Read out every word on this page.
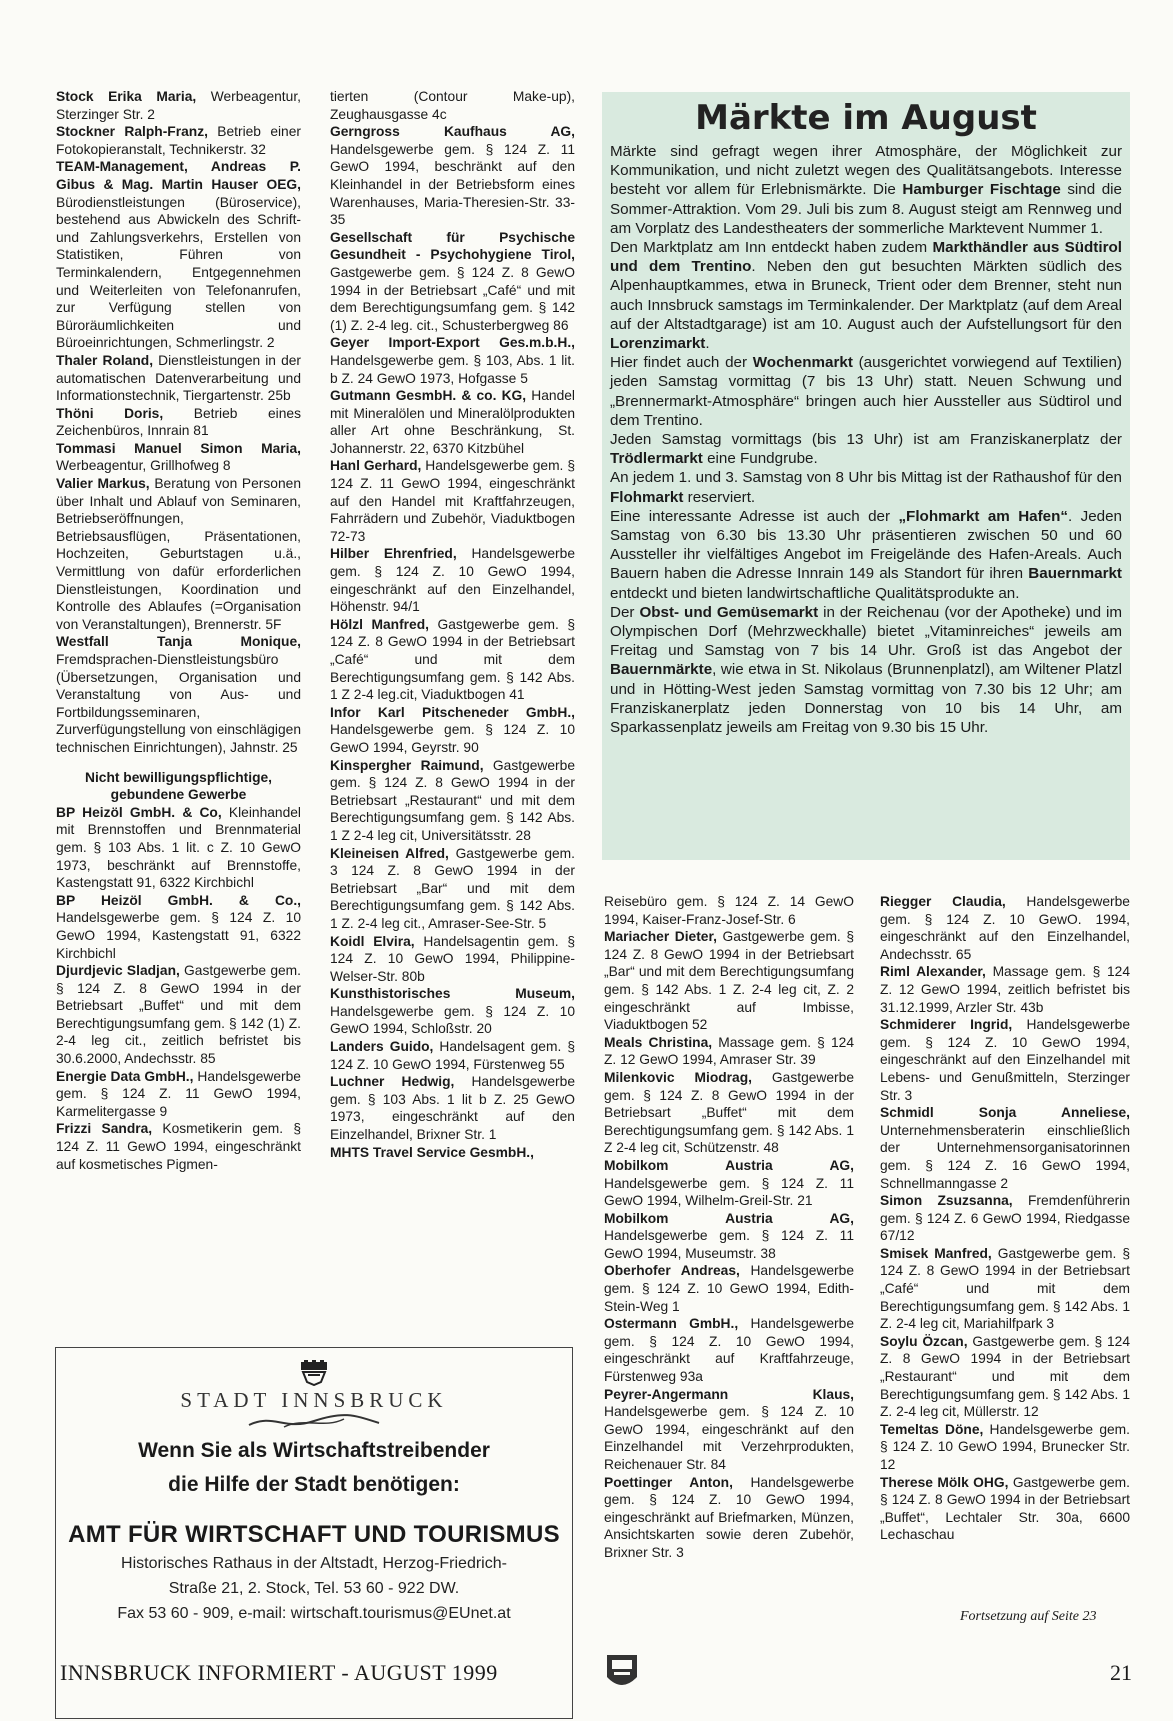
Stock Erika Maria, Werbeagentur, Sterzinger Str. 2

Stockner Ralph-Franz, Betrieb einer Fotokopieranstalt, Technikerstr. 32

TEAM-Management, Andreas P. Gibus & Mag. Martin Hauser OEG, Bürodienstleistungen (Büroservice), bestehend aus Abwickeln des Schrift- und Zahlungsverkehrs, Erstellen von Statistiken, Führen von Terminkalendern, Entgegennehmen und Weiterleiten von Telefonanrufen, zur Verfügung stellen von Büroräumlichkeiten und Büroeinrichtungen, Schmerlingstr. 2

Thaler Roland, Dienstleistungen in der automatischen Datenverarbeitung und Informationstechnik, Tiergartenstr. 25b

Thöni Doris, Betrieb eines Zeichenbüros, Innrain 81

Tommasi Manuel Simon Maria, Werbeagentur, Grillhofweg 8

Valier Markus, Beratung von Personen über Inhalt und Ablauf von Seminaren, Betriebseröffnungen, Betriebsausflügen, Präsentationen, Hochzeiten, Geburtstagen u.ä., Vermittlung von dafür erforderlichen Dienstleistungen, Koordination und Kontrolle des Ablaufes (=Organisation von Veranstaltungen), Brennerstr. 5F

Westfall Tanja Monique, Fremdsprachen-Dienstleistungsbüro (Übersetzungen, Organisation und Veranstaltung von Aus- und Fortbildungsseminaren, Zurverfügungstellung von einschlägigen technischen Einrichtungen), Jahnstr. 25

Nicht bewilligungspflichtige, gebundene Gewerbe

BP Heizöl GmbH. & Co, Kleinhandel mit Brennstoffen und Brennmaterial gem. § 103 Abs. 1 lit. c Z. 10 GewO 1973, beschränkt auf Brennstoffe, Kastengstatt 91, 6322 Kirchbichl

BP Heizöl GmbH. & Co., Handelsgewerbe gem. § 124 Z. 10 GewO 1994, Kastengstatt 91, 6322 Kirchbichl

Djurdjevic Sladjan, Gastgewerbe gem. § 124 Z. 8 GewO 1994 in der Betriebsart „Buffet“ und mit dem Berechtigungsumfang gem. § 142 (1) Z. 2-4 leg cit., zeitlich befristet bis 30.6.2000, Andechsstr. 85

Energie Data GmbH., Handelsgewerbe gem. § 124 Z. 11 GewO 1994, Karmelitergasse 9

Frizzi Sandra, Kosmetikerin gem. § 124 Z. 11 GewO 1994, eingeschränkt auf kosmetisches Pigmen-

tierten (Contour Make-up), Zeughausgasse 4c

Gerngross Kaufhaus AG, Handelsgewerbe gem. § 124 Z. 11 GewO 1994, beschränkt auf den Kleinhandel in der Betriebsform eines Warenhauses, Maria-Theresien-Str. 33-35

Gesellschaft für Psychische Gesundheit - Psychohygiene Tirol, Gastgewerbe gem. § 124 Z. 8 GewO 1994 in der Betriebsart „Café“ und mit dem Berechtigungsumfang gem. § 142 (1) Z. 2-4 leg. cit., Schusterbergweg 86

Geyer Import-Export Ges.m.b.H., Handelsgewerbe gem. § 103, Abs. 1 lit. b Z. 24 GewO 1973, Hofgasse 5

Gutmann GesmbH. & co. KG, Handel mit Mineralölen und Mineralölprodukten aller Art ohne Beschränkung, St. Johannerstr. 22, 6370 Kitzbühel

Hanl Gerhard, Handelsgewerbe gem. § 124 Z. 11 GewO 1994, eingeschränkt auf den Handel mit Kraftfahrzeugen, Fahrrädern und Zubehör, Viaduktbogen 72-73

Hilber Ehrenfried, Handelsgewerbe gem. § 124 Z. 10 GewO 1994, eingeschränkt auf den Einzelhandel, Höhenstr. 94/1

Hölzl Manfred, Gastgewerbe gem. § 124 Z. 8 GewO 1994 in der Betriebsart „Café“ und mit dem Berechtigungsumfang gem. § 142 Abs. 1 Z 2-4 leg.cit, Viaduktbogen 41

Infor Karl Pitscheneder GmbH., Handelsgewerbe gem. § 124 Z. 10 GewO 1994, Geyrstr. 90

Kinspergher Raimund, Gastgewerbe gem. § 124 Z. 8 GewO 1994 in der Betriebsart „Restaurant“ und mit dem Berechtigungsumfang gem. § 142 Abs. 1 Z 2-4 leg cit, Universitätsstr. 28

Kleineisen Alfred, Gastgewerbe gem. 3 124 Z. 8 GewO 1994 in der Betriebsart „Bar“ und mit dem Berechtigungsumfang gem. § 142 Abs. 1 Z. 2-4 leg cit., Amraser-See-Str. 5

Koidl Elvira, Handelsagentin gem. § 124 Z. 10 GewO 1994, Philippine-Welser-Str. 80b

Kunsthistorisches Museum, Handelsgewerbe gem. § 124 Z. 10 GewO 1994, Schloßstr. 20

Landers Guido, Handelsagent gem. § 124 Z. 10 GewO 1994, Fürstenweg 55

Luchner Hedwig, Handelsgewerbe gem. § 103 Abs. 1 lit b Z. 25 GewO 1973, eingeschränkt auf den Einzelhandel, Brixner Str. 1

MHTS Travel Service GesmbH.,

Reisebüro gem. § 124 Z. 14 GewO 1994, Kaiser-Franz-Josef-Str. 6

Mariacher Dieter, Gastgewerbe gem. § 124 Z. 8 GewO 1994 in der Betriebsart „Bar“ und mit dem Berechtigungsumfang gem. § 142 Abs. 1 Z. 2-4 leg cit, Z. 2 eingeschränkt auf Imbisse, Viaduktbogen 52

Meals Christina, Massage gem. § 124 Z. 12 GewO 1994, Amraser Str. 39

Milenkovic Miodrag, Gastgewerbe gem. § 124 Z. 8 GewO 1994 in der Betriebsart „Buffet“ mit dem Berechtigungsumfang gem. § 142 Abs. 1 Z 2-4 leg cit, Schützenstr. 48

Mobilkom Austria AG, Handelsgewerbe gem. § 124 Z. 11 GewO 1994, Wilhelm-Greil-Str. 21

Mobilkom Austria AG, Handelsgewerbe gem. § 124 Z. 11 GewO 1994, Museumstr. 38

Oberhofer Andreas, Handelsgewerbe gem. § 124 Z. 10 GewO 1994, Edith-Stein-Weg 1

Ostermann GmbH., Handelsgewerbe gem. § 124 Z. 10 GewO 1994, eingeschränkt auf Kraftfahrzeuge, Fürstenweg 93a

Peyrer-Angermann Klaus, Handelsgewerbe gem. § 124 Z. 10 GewO 1994, eingeschränkt auf den Einzelhandel mit Verzehrprodukten, Reichenauer Str. 84

Poettinger Anton, Handelsgewerbe gem. § 124 Z. 10 GewO 1994, eingeschränkt auf Briefmarken, Münzen, Ansichtskarten sowie deren Zubehör, Brixner Str. 3

Riegger Claudia, Handelsgewerbe gem. § 124 Z. 10 GewO. 1994, eingeschränkt auf den Einzelhandel, Andechsstr. 65

Riml Alexander, Massage gem. § 124 Z. 12 GewO 1994, zeitlich befristet bis 31.12.1999, Arzler Str. 43b

Schmiderer Ingrid, Handelsgewerbe gem. § 124 Z. 10 GewO 1994, eingeschränkt auf den Einzelhandel mit Lebens- und Genußmitteln, Sterzinger Str. 3

Schmidl Sonja Anneliese, Unternehmensberaterin einschließlich der Unternehmensorganisatorinnen gem. § 124 Z. 16 GewO 1994, Schnellmanngasse 2

Simon Zsuzsanna, Fremdenführerin gem. § 124 Z. 6 GewO 1994, Riedgasse 67/12

Smisek Manfred, Gastgewerbe gem. § 124 Z. 8 GewO 1994 in der Betriebsart „Café“ und mit dem Berechtigungsumfang gem. § 142 Abs. 1 Z. 2-4 leg cit, Mariahilfpark 3

Soylu Özcan, Gastgewerbe gem. § 124 Z. 8 GewO 1994 in der Betriebsart „Restaurant“ und mit dem Berechtigungsumfang gem. § 142 Abs. 1 Z. 2-4 leg cit, Müllerstr. 12

Temeltas Döne, Handelsgewerbe gem. § 124 Z. 10 GewO 1994, Brunecker Str. 12

Therese Mölk OHG, Gastgewerbe gem. § 124 Z. 8 GewO 1994 in der Betriebsart „Buffet“, Lechtaler Str. 30a, 6600 Lechaschau

Fortsetzung auf Seite 23
Märkte im August

Märkte sind gefragt wegen ihrer Atmosphäre, der Möglichkeit zur Kommunikation, und nicht zuletzt wegen des Qualitätsangebots. Interesse besteht vor allem für Erlebnismärkte. Die Hamburger Fischtage sind die Sommer-Attraktion. Vom 29. Juli bis zum 8. August steigt am Rennweg und am Vorplatz des Landestheaters der sommerliche Marktevent Nummer 1.

Den Marktplatz am Inn entdeckt haben zudem Markthändler aus Südtirol und dem Trentino. Neben den gut besuchten Märkten südlich des Alpenhauptkammes, etwa in Bruneck, Trient oder dem Brenner, steht nun auch Innsbruck samstags im Terminkalender. Der Marktplatz (auf dem Areal auf der Altstadtgarage) ist am 10. August auch der Aufstellungsort für den Lorenzimarkt.

Hier findet auch der Wochenmarkt (ausgerichtet vorwiegend auf Textilien) jeden Samstag vormittag (7 bis 13 Uhr) statt. Neuen Schwung und „Brennermarkt-Atmosphäre“ bringen auch hier Aussteller aus Südtirol und dem Trentino.

Jeden Samstag vormittags (bis 13 Uhr) ist am Franziskanerplatz der Trödlermarkt eine Fundgrube.

An jedem 1. und 3. Samstag von 8 Uhr bis Mittag ist der Rathaushof für den Flohmarkt reserviert.

Eine interessante Adresse ist auch der „Flohmarkt am Hafen“. Jeden Samstag von 6.30 bis 13.30 Uhr präsentieren zwischen 50 und 60 Aussteller ihr vielfältiges Angebot im Freigelände des Hafen-Areals. Auch Bauern haben die Adresse Innrain 149 als Standort für ihren Bauernmarkt entdeckt und bieten landwirtschaftliche Qualitätsprodukte an.

Der Obst- und Gemüsemarkt in der Reichenau (vor der Apotheke) und im Olympischen Dorf (Mehrzweckhalle) bietet „Vitaminreiches“ jeweils am Freitag und Samstag von 7 bis 14 Uhr. Groß ist das Angebot der Bauernmärkte, wie etwa in St. Nikolaus (Brunnenplatzl), am Wiltener Platzl und in Hötting-West jeden Samstag vormittag von 7.30 bis 12 Uhr; am Franziskanerplatz jeden Donnerstag von 10 bis 14 Uhr, am Sparkassenplatz jeweils am Freitag von 9.30 bis 15 Uhr.

STADT INNSBRUCK
Wenn Sie als Wirtschaftstreibender
die Hilfe der Stadt benötigen:
AMT FÜR WIRTSCHAFT UND TOURISMUS
Historisches Rathaus in der Altstadt, Herzog-Friedrich-
Straße 21, 2. Stock, Tel. 53 60 - 922 DW.
Fax 53 60 - 909, e-mail: wirtschaft.tourismus@EUnet.at
INNSBRUCK INFORMIERT - AUGUST 1999	21
